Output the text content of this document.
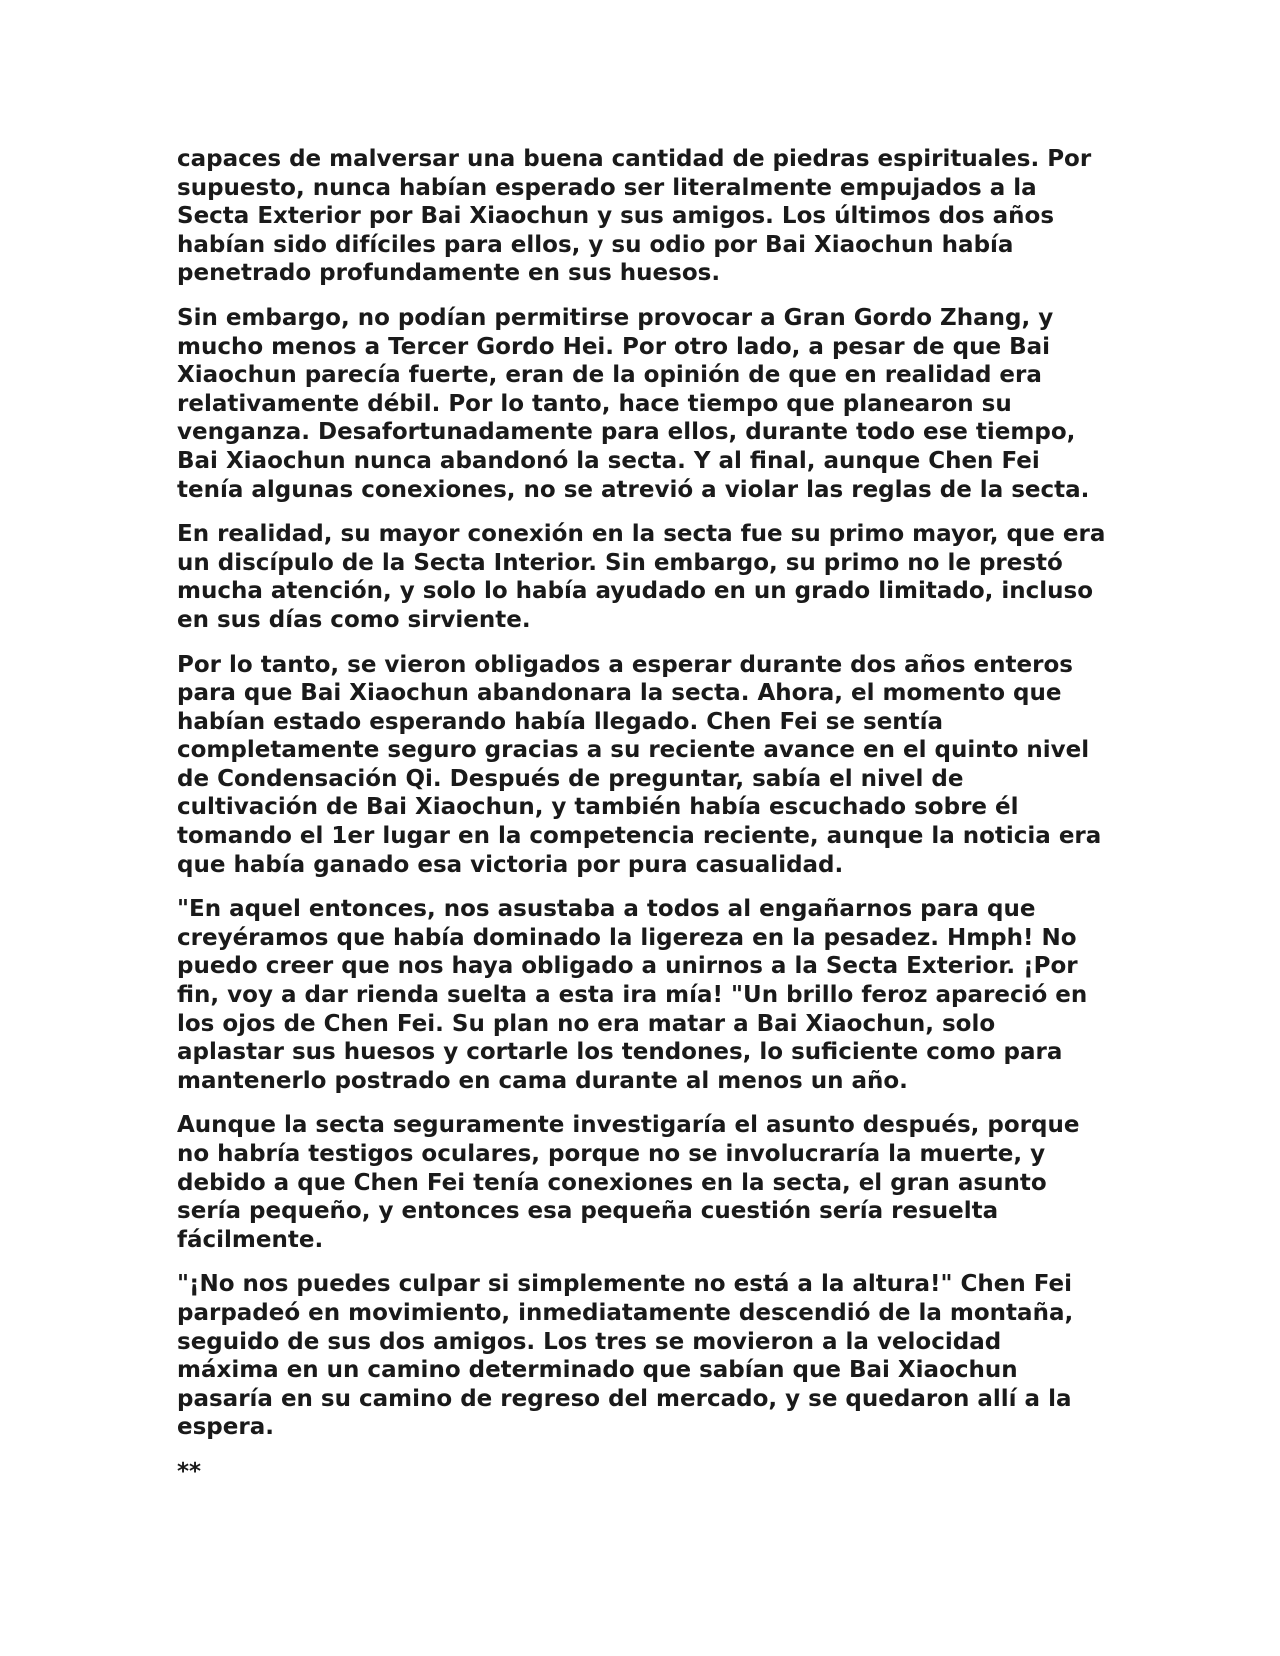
capaces de malversar una buena cantidad de piedras espirituales. Por supuesto, nunca habían esperado ser literalmente empujados a la Secta Exterior por Bai Xiaochun y sus amigos. Los últimos dos años habían sido difíciles para ellos, y su odio por Bai Xiaochun había penetrado profundamente en sus huesos.

Sin embargo, no podían permitirse provocar a Gran Gordo Zhang, y mucho menos a Tercer Gordo Hei. Por otro lado, a pesar de que Bai Xiaochun parecía fuerte, eran de la opinión de que en realidad era relativamente débil. Por lo tanto, hace tiempo que planearon su venganza. Desafortunadamente para ellos, durante todo ese tiempo, Bai Xiaochun nunca abandonó la secta. Y al final, aunque Chen Fei tenía algunas conexiones, no se atrevió a violar las reglas de la secta.

En realidad, su mayor conexión en la secta fue su primo mayor, que era un discípulo de la Secta Interior. Sin embargo, su primo no le prestó mucha atención, y solo lo había ayudado en un grado limitado, incluso en sus días como sirviente.

Por lo tanto, se vieron obligados a esperar durante dos años enteros para que Bai Xiaochun abandonara la secta. Ahora, el momento que habían estado esperando había llegado. Chen Fei se sentía completamente seguro gracias a su reciente avance en el quinto nivel de Condensación Qi. Después de preguntar, sabía el nivel de cultivación de Bai Xiaochun, y también había escuchado sobre él tomando el 1er lugar en la competencia reciente, aunque la noticia era que había ganado esa victoria por pura casualidad.

"En aquel entonces, nos asustaba a todos al engañarnos para que creyéramos que había dominado la ligereza en la pesadez. Hmph! No puedo creer que nos haya obligado a unirnos a la Secta Exterior. ¡Por fin, voy a dar rienda suelta a esta ira mía! "Un brillo feroz apareció en los ojos de Chen Fei. Su plan no era matar a Bai Xiaochun, solo aplastar sus huesos y cortarle los tendones, lo suficiente como para mantenerlo postrado en cama durante al menos un año.

Aunque la secta seguramente investigaría el asunto después, porque no habría testigos oculares, porque no se involucraría la muerte, y debido a que Chen Fei tenía conexiones en la secta, el gran asunto sería pequeño, y entonces esa pequeña cuestión sería resuelta fácilmente.

"¡No nos puedes culpar si simplemente no está a la altura!" Chen Fei parpadeó en movimiento, inmediatamente descendió de la montaña, seguido de sus dos amigos. Los tres se movieron a la velocidad máxima en un camino determinado que sabían que Bai Xiaochun pasaría en su camino de regreso del mercado, y se quedaron allí a la espera.

**
